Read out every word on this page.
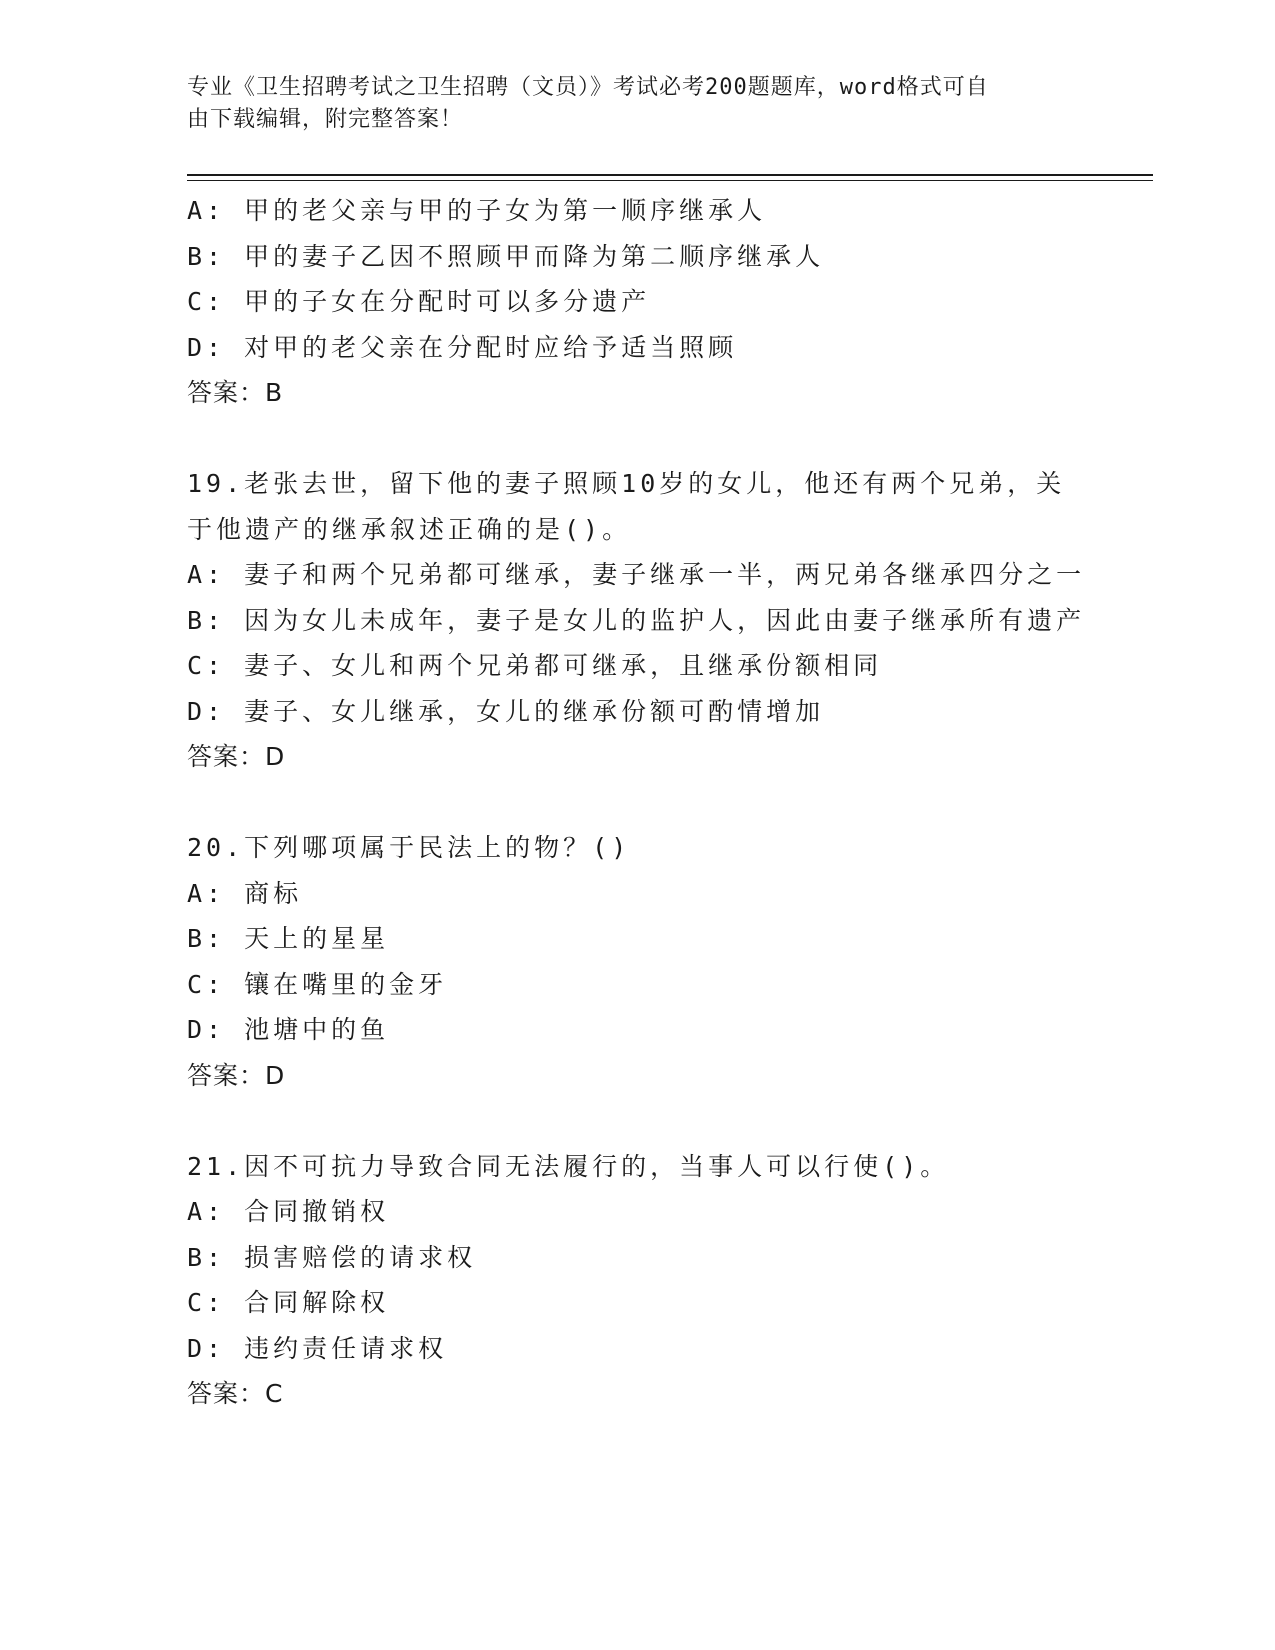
专业《卫生招聘考试之卫生招聘（文员）》考试必考200题题库，word格式可自
由下载编辑，附完整答案！
A: 甲的老父亲与甲的子女为第一顺序继承人
B: 甲的妻子乙因不照顾甲而降为第二顺序继承人
C: 甲的子女在分配时可以多分遗产
D: 对甲的老父亲在分配时应给予适当照顾
答案：B
19.老张去世，留下他的妻子照顾10岁的女儿，他还有两个兄弟，关
于他遗产的继承叙述正确的是()。
A: 妻子和两个兄弟都可继承，妻子继承一半，两兄弟各继承四分之一
B: 因为女儿未成年，妻子是女儿的监护人，因此由妻子继承所有遗产
C: 妻子、女儿和两个兄弟都可继承，且继承份额相同
D: 妻子、女儿继承，女儿的继承份额可酌情增加
答案：D
20.下列哪项属于民法上的物？()
A: 商标
B: 天上的星星
C: 镶在嘴里的金牙
D: 池塘中的鱼
答案：D
21.因不可抗力导致合同无法履行的，当事人可以行使()。
A: 合同撤销权
B: 损害赔偿的请求权
C: 合同解除权
D: 违约责任请求权
答案：C
